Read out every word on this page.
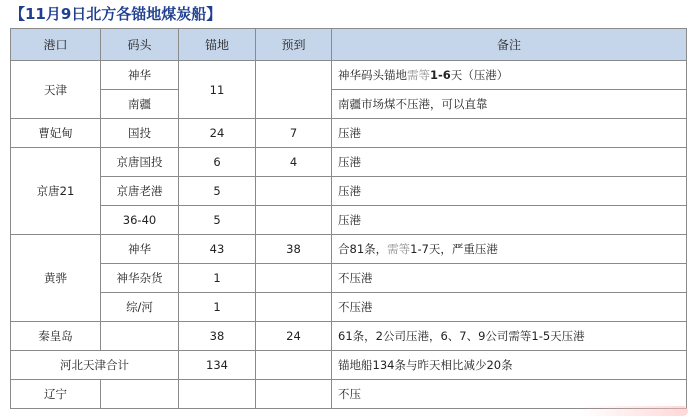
【11月9日北方各锚地煤炭船】
港口	码头	锚地	预到	备注
天津	神华	11		神华码头锚地需等1-6天（压港）
	南疆			南疆市场煤不压港，可以直靠
曹妃甸	国投	24	7	压港
京唐21	京唐国投	6	4	压港
	京唐老港	5		压港
	36-40	5		压港
黄骅	神华	43	38	合81条，需等1-7天，严重压港
	神华杂货	1		不压港
	综/河	1		不压港
秦皇岛		38	24	61条，2公司压港，6、7、9公司需等1-5天压港
河北天津合计		134		锚地船134条与昨天相比减少20条
辽宁				不压
